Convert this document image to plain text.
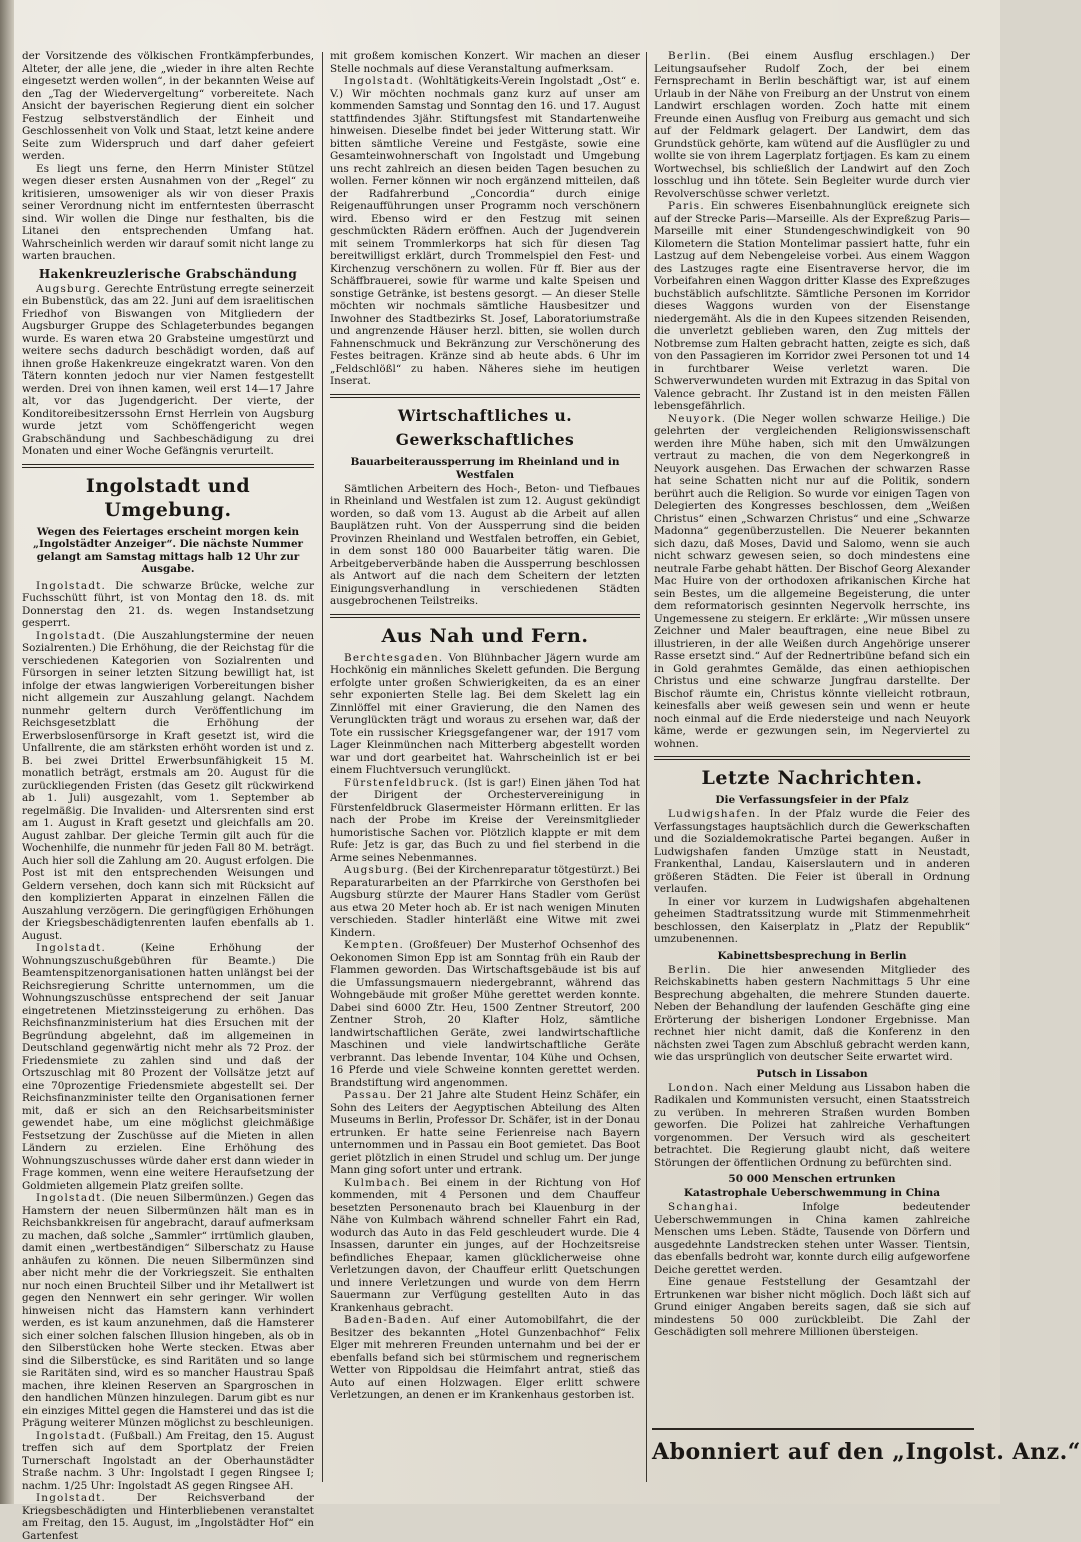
der Vorsitzende des völkischen Frontkämpferbundes, Alteter, der alle jene, die „wieder in ihre alten Rechte eingesetzt werden wollen“, in der bekannten Weise auf den „Tag der Wiedervergeltung“ vorbereitete. Nach Ansicht der bayerischen Regierung dient ein solcher Festzug selbstverständlich der Einheit und Geschlossenheit von Volk und Staat, letzt keine andere Seite zum Widerspruch und darf daher gefeiert werden.

Es liegt uns ferne, den Herrn Minister Stützel wegen dieser ersten Ausnahmen von der „Regel“ zu kritisieren, umsoweniger als wir von dieser Praxis seiner Verordnung nicht im entferntesten überrascht sind. Wir wollen die Dinge nur festhalten, bis die Litanei den entsprechenden Umfang hat. Wahrscheinlich werden wir darauf somit nicht lange zu warten brauchen.

Hakenkreuzlerische Grabschändung

Augsburg. Gerechte Entrüstung erregte seinerzeit ein Bubenstück, das am 22. Juni auf dem israelitischen Friedhof von Biswangen von Mitgliedern der Augsburger Gruppe des Schlageterbundes begangen wurde. Es waren etwa 20 Grabsteine umgestürzt und weitere sechs dadurch beschädigt worden, daß auf ihnen große Hakenkreuze eingekratzt waren. Von den Tätern konnten jedoch nur vier Namen festgestellt werden. Drei von ihnen kamen, weil erst 14—17 Jahre alt, vor das Jugendgericht. Der vierte, der Konditoreibesitzerssohn Ernst Herrlein von Augsburg wurde jetzt vom Schöffengericht wegen Grabschändung und Sachbeschädigung zu drei Monaten und einer Woche Gefängnis verurteilt.

Ingolstadt und Umgebung.

Wegen des Feiertages erscheint morgen kein „Ingolstädter Anzeiger“. Die nächste Nummer gelangt am Samstag mittags halb 12 Uhr zur Ausgabe.

Ingolstadt. Die schwarze Brücke, welche zur Fuchsschütt führt, ist von Montag den 18. ds. mit Donnerstag den 21. ds. wegen Instandsetzung gesperrt.

Ingolstadt. (Die Auszahlungstermine der neuen Sozialrenten.) Die Erhöhung, die der Reichstag für die verschiedenen Kategorien von Sozialrenten und Fürsorgen in seiner letzten Sitzung bewilligt hat, ist infolge der etwas langwierigen Vorbereitungen bisher nicht allgemein zur Auszahlung gelangt. Nachdem nunmehr geltern durch Veröffentlichung im Reichsgesetzblatt die Erhöhung der Erwerbslosenfürsorge in Kraft gesetzt ist, wird die Unfallrente, die am stärksten erhöht worden ist und z. B. bei zwei Drittel Erwerbsunfähigkeit 15 M. monatlich beträgt, erstmals am 20. August für die zurückliegenden Fristen (das Gesetz gilt rückwirkend ab 1. Juli) ausgezahlt, vom 1. September ab regelmäßig. Die Invaliden- und Altersrenten sind erst am 1. August in Kraft gesetzt und gleichfalls am 20. August zahlbar. Der gleiche Termin gilt auch für die Wochenhilfe, die nunmehr für jeden Fall 80 M. beträgt. Auch hier soll die Zahlung am 20. August erfolgen. Die Post ist mit den entsprechenden Weisungen und Geldern versehen, doch kann sich mit Rücksicht auf den komplizierten Apparat in einzelnen Fällen die Auszahlung verzögern. Die geringfügigen Erhöhungen der Kriegsbeschädigtenrenten laufen ebenfalls ab 1. August.

Ingolstadt.	(Keine Erhöhung der Wohnungszuschußgebühren für Beamte.) Die Beamtenspitzenorganisationen hatten unlängst bei der Reichsregierung Schritte unternommen, um die Wohnungszuschüsse entsprechend der seit Januar eingetretenen Mietzinssteigerung zu erhöhen. Das Reichsfinanzministerium hat dies Ersuchen mit der Begründung abgelehnt, daß im allgemeinen in Deutschland gegenwärtig nicht mehr als 72 Proz. der Friedensmiete zu zahlen sind und daß der Ortszuschlag mit 80 Prozent der Vollsätze jetzt auf eine 70prozentige Friedensmiete abgestellt sei. Der Reichsfinanzminister teilte den Organisationen ferner mit, daß er sich an den Reichsarbeitsminister gewendet habe, um eine möglichst gleichmäßige Festsetzung der Zuschüsse auf die Mieten in allen Ländern zu erzielen. Eine Erhöhung des Wohnungszuschusses würde daher erst dann wieder in Frage kommen, wenn eine weitere Heraufsetzung der Goldmieten allgemein Platz greifen sollte.

Ingolstadt. (Die neuen Silbermünzen.) Gegen das Hamstern der neuen Silbermünzen hält man es in Reichsbankkreisen für angebracht, darauf aufmerksam zu machen, daß solche „Sammler“ irrtümlich glauben, damit einen „wertbeständigen“ Silberschatz zu Hause anhäufen zu können. Die neuen Silbermünzen sind aber nicht mehr die der Vorkriegszeit. Sie enthalten nur noch einen Bruchteil Silber und ihr Metallwert ist gegen den Nennwert ein sehr geringer. Wir wollen hinweisen nicht das Hamstern kann verhindert werden, es ist kaum anzunehmen, daß die Hamsterer sich einer solchen falschen Illusion hingeben, als ob in den Silberstücken hohe Werte stecken. Etwas aber sind die Silberstücke, es sind Raritäten und so lange sie Raritäten sind, wird es so mancher Haustrau Spaß machen, ihre kleinen Reserven an Spargroschen in den handlichen Münzen hinzulegen. Darum gibt es nur ein einziges Mittel gegen die Hamsterei und das ist die Prägung weiterer Münzen möglichst zu beschleunigen.

Ingolstadt. (Fußball.) Am Freitag, den 15. August treffen sich auf dem Sportplatz der Freien Turnerschaft Ingolstadt an der Oberhaunstädter Straße nachm. 3 Uhr: Ingolstadt I gegen Ringsee I; nachm. 1/25 Uhr: Ingolstadt AS gegen Ringsee AH.

Ingolstadt.	Der Reichsverband der Kriegsbeschädigten und Hinterbliebenen veranstaltet am Freitag, den 15. August, im „Ingolstädter Hof“ ein Gartenfest

mit großem komischen Konzert. Wir machen an dieser Stelle nochmals auf diese Veranstaltung aufmerksam.

Ingolstadt. (Wohltätigkeits-Verein Ingolstadt „Ost“ e. V.) Wir möchten nochmals ganz kurz auf unser am kommenden Samstag und Sonntag den 16. und 17. August stattfindendes 3jähr. Stiftungsfest mit Standartenweihe hinweisen. Dieselbe findet bei jeder Witterung statt. Wir bitten sämtliche Vereine und Festgäste, sowie eine Gesamteinwohnerschaft von Ingolstadt und Umgebung uns recht zahlreich an diesen beiden Tagen besuchen zu wollen. Ferner können wir noch ergänzend mitteilen, daß der Radfahrerbund „Concordia“ durch einige Reigenaufführungen unser Programm noch verschönern wird. Ebenso wird er den Festzug mit seinen geschmückten Rädern eröffnen. Auch der Jugendverein mit seinem Trommlerkorps hat sich für diesen Tag bereitwilligst erklärt, durch Trommelspiel den Fest- und Kirchenzug verschönern zu wollen. Für ff. Bier aus der Schäffbrauerei, sowie für warme und kalte Speisen und sonstige Getränke, ist bestens gesorgt. — An dieser Stelle möchten wir nochmals sämtliche Hausbesitzer und Inwohner des Stadtbezirks St. Josef, Laboratoriumstraße und angrenzende Häuser herzl. bitten, sie wollen durch Fahnenschmuck und Bekränzung zur Verschönerung des Festes beitragen. Kränze sind ab heute abds. 6 Uhr im „Feldschlößl“ zu haben. Näheres siehe im heutigen Inserat.

Wirtschaftliches u. Gewerkschaftliches
Bauarbeiteraussperrung im Rheinland und in Westfalen

Sämtlichen Arbeitern des Hoch-, Beton- und Tiefbaues in Rheinland und Westfalen ist zum 12. August gekündigt worden, so daß vom 13. August ab die Arbeit auf allen Bauplätzen ruht. Von der Aussperrung sind die beiden Provinzen Rheinland und Westfalen betroffen, ein Gebiet, in dem sonst 180 000 Bauarbeiter tätig waren. Die Arbeitgeberverbände haben die Aussperrung beschlossen als Antwort auf die nach dem Scheitern der letzten Einigungsverhandlung in verschiedenen Städten ausgebrochenen Teilstreiks.

Aus Nah und Fern.

Berchtesgaden. Von Blühnbacher Jägern wurde am Hochkönig ein männliches Skelett gefunden. Die Bergung erfolgte unter großen Schwierigkeiten, da es an einer sehr exponierten Stelle lag. Bei dem Skelett lag ein Zinnlöffel mit einer Gravierung, die den Namen des Verunglückten trägt und woraus zu ersehen war, daß der Tote ein russischer Kriegsgefangener war, der 1917 vom Lager Kleinmünchen nach Mitterberg abgestellt worden war und dort gearbeitet hat. Wahrscheinlich ist er bei einem Fluchtversuch verunglückt.

Fürstenfeldbruck. (Ist is gar!) Einen jähen Tod hat der Dirigent der Orchestervereinigung in Fürstenfeldbruck Glasermeister Hörmann erlitten. Er las nach der Probe im Kreise der Vereinsmitglieder humoristische Sachen vor. Plötzlich klappte er mit dem Rufe: Jetz is gar, das Buch zu und fiel sterbend in die Arme seines Nebenmannes.

Augsburg. (Bei der Kirchenreparatur tötgestürzt.) Bei Reparaturarbeiten an der Pfarrkirche von Gersthofen bei Augsburg stürzte der Maurer Hans Stadler vom Gerüst aus etwa 20 Meter hoch ab. Er ist nach wenigen Minuten verschieden. Stadler hinterläßt eine Witwe mit zwei Kindern.

Kempten. (Großfeuer) Der Musterhof Ochsenhof des Oekonomen Simon Epp ist am Sonntag früh ein Raub der Flammen geworden. Das Wirtschaftsgebäude ist bis auf die Umfassungsmauern niedergebrannt, während das Wohngebäude mit großer Mühe gerettet werden konnte. Dabei sind 6000 Ztr. Heu, 1500 Zentner Streutorf, 200 Zentner Stroh, 20 Klafter Holz, sämtliche landwirtschaftlichen Geräte, zwei landwirtschaftliche Maschinen und viele landwirtschaftliche Geräte verbrannt. Das lebende Inventar, 104 Kühe und Ochsen, 16 Pferde und viele Schweine konnten gerettet werden. Brandstiftung wird angenommen.

Passau. Der 21 Jahre alte Student Heinz Schäfer, ein Sohn des Leiters der Aegyptischen Abteilung des Alten Museums in Berlin, Professor Dr. Schäfer, ist in der Donau ertrunken. Er hatte seine Ferienreise nach Bayern unternommen und in Passau ein Boot gemietet. Das Boot geriet plötzlich in einen Strudel und schlug um. Der junge Mann ging sofort unter und ertrank.

Kulmbach. Bei einem in der Richtung von Hof kommenden, mit 4 Personen und dem Chauffeur besetzten Personenauto brach bei Klauenburg in der Nähe von Kulmbach während schneller Fahrt ein Rad, wodurch das Auto in das Feld geschleudert wurde. Die 4 Insassen, darunter ein junges, auf der Hochzeitsreise befindliches Ehepaar, kamen glücklicherweise ohne Verletzungen davon, der Chauffeur erlitt Quetschungen und innere Verletzungen und wurde von dem Herrn Sauermann zur Verfügung gestellten Auto in das Krankenhaus gebracht.

Baden-Baden. Auf einer Automobilfahrt, die der Besitzer des bekannten „Hotel Gunzenbachhof“ Felix Elger mit mehreren Freunden unternahm und bei der er ebenfalls befand sich bei stürmischem und regnerischem Wetter von Rippoldsau die Heimfahrt antrat, stieß das Auto auf einen Holzwagen. Elger erlitt schwere Verletzungen, an denen er im Krankenhaus gestorben ist.

Berlin. (Bei einem Ausflug erschlagen.) Der Leitungsaufseher Rudolf Zoch, der bei einem Fernsprechamt in Berlin beschäftigt war, ist auf einem Urlaub in der Nähe von Freiburg an der Unstrut von einem Landwirt erschlagen worden. Zoch hatte mit einem Freunde einen Ausflug von Freiburg aus gemacht und sich auf der Feldmark gelagert. Der Landwirt, dem das Grundstück gehörte, kam wütend auf die Ausflügler zu und wollte sie von ihrem Lagerplatz fortjagen. Es kam zu einem Wortwechsel, bis schließlich der Landwirt auf den Zoch losschlug und ihn tötete. Sein Begleiter wurde durch vier Revolverschüsse schwer verletzt.

Paris. Ein schweres Eisenbahnunglück ereignete sich auf der Strecke Paris—Marseille. Als der Expreßzug Paris—Marseille mit einer Stundengeschwindigkeit von 90 Kilometern die Station Montelimar passiert hatte, fuhr ein Lastzug auf dem Nebengeleise vorbei. Aus einem Waggon des Lastzuges ragte eine Eisentraverse hervor, die im Vorbeifahren einen Waggon dritter Klasse des Expreßzuges buchstäblich aufschlitzte. Sämtliche Personen im Korridor dieses Waggons wurden von der Eisenstange niedergemäht. Als die in den Kupees sitzenden Reisenden, die unverletzt geblieben waren, den Zug mittels der Notbremse zum Halten gebracht hatten, zeigte es sich, daß von den Passagieren im Korridor zwei Personen tot und 14 in furchtbarer Weise verletzt waren. Die Schwerverwundeten wurden mit Extrazug in das Spital von Valence gebracht. Ihr Zustand ist in den meisten Fällen lebensgefährlich.

Neuyork. (Die Neger wollen schwarze Heilige.) Die gelehrten der vergleichenden Religionswissenschaft werden ihre Mühe haben, sich mit den Umwälzungen vertraut zu machen, die von dem Negerkongreß in Neuyork ausgehen. Das Erwachen der schwarzen Rasse hat seine Schatten nicht nur auf die Politik, sondern berührt auch die Religion. So wurde vor einigen Tagen von Delegierten des Kongresses beschlossen, dem „Weißen Christus“ einen „Schwarzen Christus“ und eine „Schwarze Madonna“ gegenüberzustellen. Die Neuerer bekannten sich dazu, daß Moses, David und Salomo, wenn sie auch nicht schwarz gewesen seien, so doch mindestens eine neutrale Farbe gehabt hätten. Der Bischof Georg Alexander Mac Huire von der orthodoxen afrikanischen Kirche hat sein Bestes, um die allgemeine Begeisterung, die unter dem reformatorisch gesinnten Negervolk herrschte, ins Ungemessene zu steigern. Er erklärte: „Wir müssen unsere Zeichner und Maler beauftragen, eine neue Bibel zu illustrieren, in der alle Weißen durch Angehörige unserer Rasse ersetzt sind.“ Auf der Rednertribüne befand sich ein in Gold gerahmtes Gemälde, das einen aethiopischen Christus und eine schwarze Jungfrau darstellte. Der Bischof räumte ein, Christus könnte vielleicht rotbraun, keinesfalls aber weiß gewesen sein und wenn er heute noch einmal auf die Erde niedersteige und nach Neuyork käme, werde er gezwungen sein, im Negerviertel zu wohnen.

Letzte Nachrichten.
Die Verfassungsfeier in der Pfalz

Ludwigshafen. In der Pfalz wurde die Feier des Verfassungstages hauptsächlich durch die Gewerkschaften und die Sozialdemokratische Partei begangen. Außer in Ludwigshafen fanden Umzüge statt in Neustadt, Frankenthal, Landau, Kaiserslautern und in anderen größeren Städten. Die Feier ist überall in Ordnung verlaufen.

In einer vor kurzem in Ludwigshafen abgehaltenen geheimen Stadtratssitzung wurde mit Stimmenmehrheit beschlossen, den Kaiserplatz in „Platz der Republik“ umzubenennen.

Kabinettsbesprechung in Berlin

Berlin. Die hier anwesenden Mitglieder des Reichskabinetts haben gestern Nachmittags 5 Uhr eine Besprechung abgehalten, die mehrere Stunden dauerte. Neben der Behandlung der laufenden Geschäfte ging eine Erörterung der bisherigen Londoner Ergebnisse. Man rechnet hier nicht damit, daß die Konferenz in den nächsten zwei Tagen zum Abschluß gebracht werden kann, wie das ursprünglich von deutscher Seite erwartet wird.

Putsch in Lissabon

London. Nach einer Meldung aus Lissabon haben die Radikalen und Kommunisten versucht, einen Staatsstreich zu verüben. In mehreren Straßen wurden Bomben geworfen. Die Polizei hat zahlreiche Verhaftungen vorgenommen. Der Versuch wird als gescheitert betrachtet. Die Regierung glaubt nicht, daß weitere Störungen der öffentlichen Ordnung zu befürchten sind.

50 000 Menschen ertrunken
Katastrophale Ueberschwemmung in China

Schanghai.	Infolge bedeutender Ueberschwemmungen in China kamen zahlreiche Menschen ums Leben. Städte, Tausende von Dörfern und ausgedehnte Landstrecken stehen unter Wasser. Tientsin, das ebenfalls bedroht war, konnte durch eilig aufgeworfene Deiche gerettet werden.

Eine genaue Feststellung der Gesamtzahl der Ertrunkenen war bisher nicht möglich. Doch läßt sich auf Grund einiger Angaben bereits sagen, daß sie sich auf mindestens 50 000 zurückbleibt. Die Zahl der Geschädigten soll mehrere Millionen übersteigen.

Abonniert auf den „Ingolst. Anz.“
